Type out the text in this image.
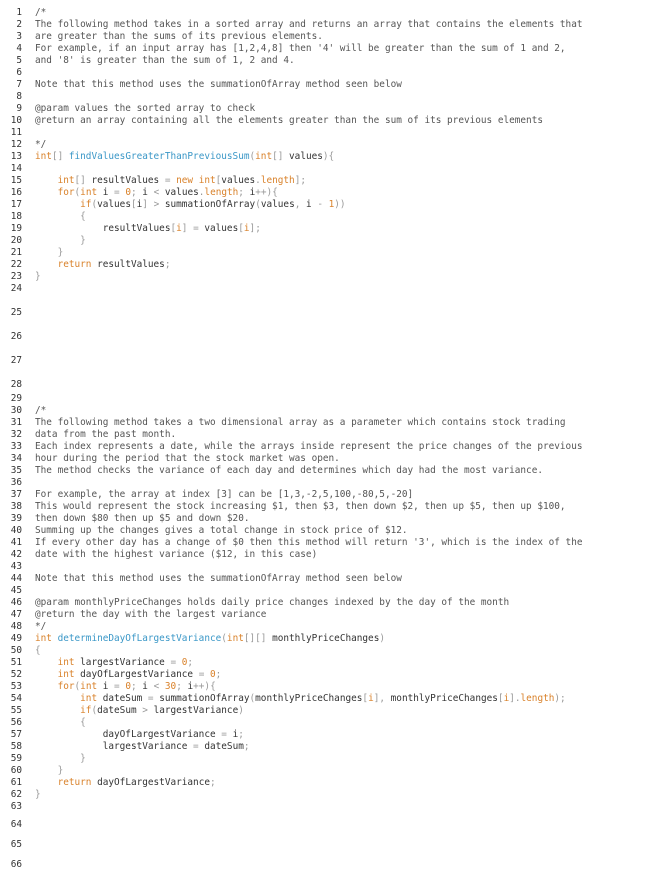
1 /*
2 The following method takes in a sorted array and returns an array that contains the elements that
3 are greater than the sums of its previous elements.
4 For example, if an input array has [1,2,4,8] then '4' will be greater than the sum of 1 and 2,
5 and '8' is greater than the sum of 1, 2 and 4.
6
7 Note that this method uses the summationOfArray method seen below
8
9 @param values the sorted array to check
10 @return an array containing all the elements greater than the sum of its previous elements
11
12 */
13 int[] findValuesGreaterThanPreviousSum(int[] values){
14
15	int[] resultValues = new int[values.length];
16	for(int i = 0; i < values.length; i++){
17	if(values[i] > summationOfArray(values, i - 1))
18	{
19	resultValues[i] = values[i];
20	}
21	}
22	return resultValues;
23 }
24
25
26
27
28
29
30 /*
31 The following method takes a two dimensional array as a parameter which contains stock trading
32 data from the past month.
33 Each index represents a date, while the arrays inside represent the price changes of the previous
34 hour during the period that the stock market was open.
35 The method checks the variance of each day and determines which day had the most variance.
36
37 For example, the array at index [3] can be [1,3,-2,5,100,-80,5,-20]
38 This would represent the stock increasing $1, then $3, then down $2, then up $5, then up $100,
39 then down $80 then up $5 and down $20.
40 Summing up the changes gives a total change in stock price of $12.
41 If every other day has a change of $0 then this method will return '3', which is the index of the
42 date with the highest variance ($12, in this case)
43
44 Note that this method uses the summationOfArray method seen below
45
46 @param monthlyPriceChanges holds daily price changes indexed by the day of the month
47 @return the day with the largest variance
48 */
49 int determineDayOfLargestVariance(int[][] monthlyPriceChanges)
50 {
51	int largestVariance = 0;
52	int dayOfLargestVariance = 0;
53	for(int i = 0; i < 30; i++){
54	int dateSum = summationOfArray(monthlyPriceChanges[i], monthlyPriceChanges[i].length);
55	if(dateSum > largestVariance)
56	{
57	dayOfLargestVariance = i;
58	largestVariance = dateSum;
59	}
60	}
61	return dayOfLargestVariance;
62 }
63
64
65
66
